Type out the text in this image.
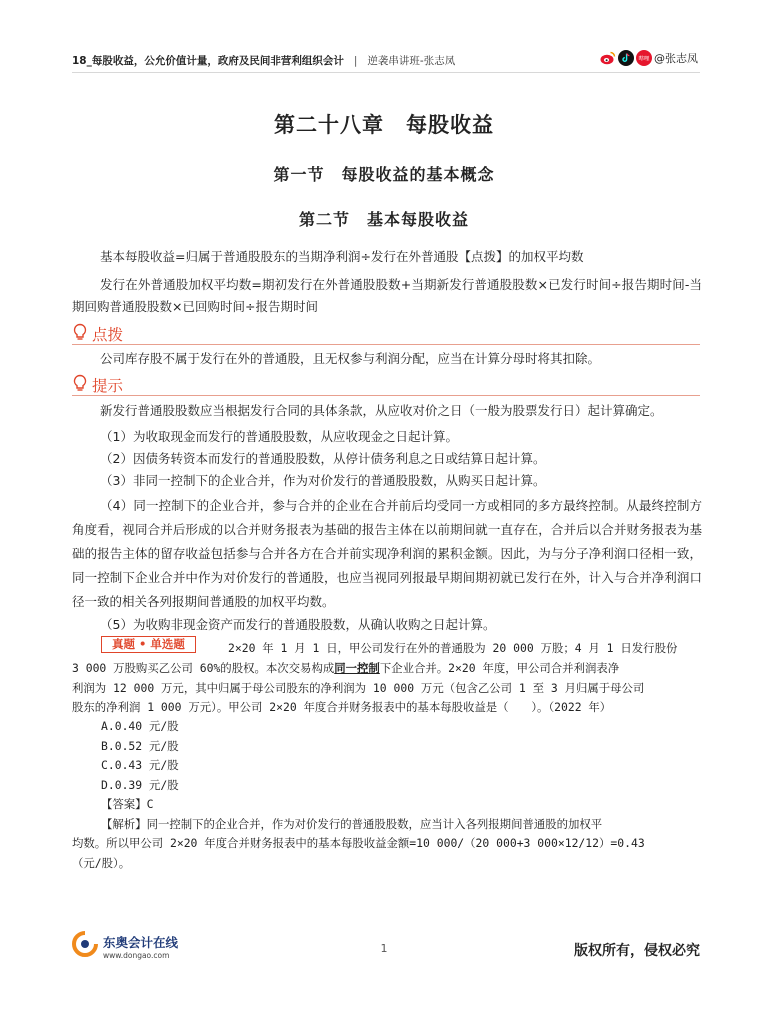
18_每股收益，公允价值计量，政府及民间非营利组织会计 | 逆袭串讲班-张志凤	哔哩 @张志凤
第二十八章　每股收益
第一节　每股收益的基本概念
第二节　基本每股收益
基本每股收益=归属于普通股股东的当期净利润÷发行在外普通股【点拨】的加权平均数
发行在外普通股加权平均数=期初发行在外普通股股数+当期新发行普通股股数×已发行时间÷报告期时间-当期回购普通股股数×已回购时间÷报告期时间
点拨
公司库存股不属于发行在外的普通股，且无权参与利润分配，应当在计算分母时将其扣除。
提示
新发行普通股股数应当根据发行合同的具体条款，从应收对价之日（一般为股票发行日）起计算确定。
（1）为收取现金而发行的普通股股数，从应收现金之日起计算。
（2）因债务转资本而发行的普通股股数，从停计债务利息之日或结算日起计算。
（3）非同一控制下的企业合并，作为对价发行的普通股股数，从购买日起计算。
（4）同一控制下的企业合并，参与合并的企业在合并前后均受同一方或相同的多方最终控制。从最终控制方角度看，视同合并后形成的以合并财务报表为基础的报告主体在以前期间就一直存在，合并后以合并财务报表为基础的报告主体的留存收益包括参与合并各方在合并前实现净利润的累积金额。因此，为与分子净利润口径相一致，同一控制下企业合并中作为对价发行的普通股，也应当视同列报最早期间期初就已发行在外，计入与合并净利润口径一致的相关各列报期间普通股的加权平均数。
（5）为收购非现金资产而发行的普通股股数，从确认收购之日起计算。
真题 • 单选题	2×20 年 1 月 1 日，甲公司发行在外的普通股为 20 000 万股；4 月 1 日发行股份
3 000 万股购买乙公司 60%的股权。本次交易构成同一控制下企业合并。2×20 年度，甲公司合并利润表净
利润为 12 000 万元，其中归属于母公司股东的净利润为 10 000 万元（包含乙公司 1 至 3 月归属于母公司
股东的净利润 1 000 万元）。甲公司 2×20 年度合并财务报表中的基本每股收益是（　　）。（2022 年）
A.0.40 元/股
B.0.52 元/股
C.0.43 元/股
D.0.39 元/股
【答案】C
【解析】同一控制下的企业合并，作为对价发行的普通股股数，应当计入各列报期间普通股的加权平
均数。所以甲公司 2×20 年度合并财务报表中的基本每股收益金额=10 000/（20 000+3 000×12/12）=0.43
（元/股）。
东奥会计在线
www.dongao.com	1	版权所有，侵权必究
